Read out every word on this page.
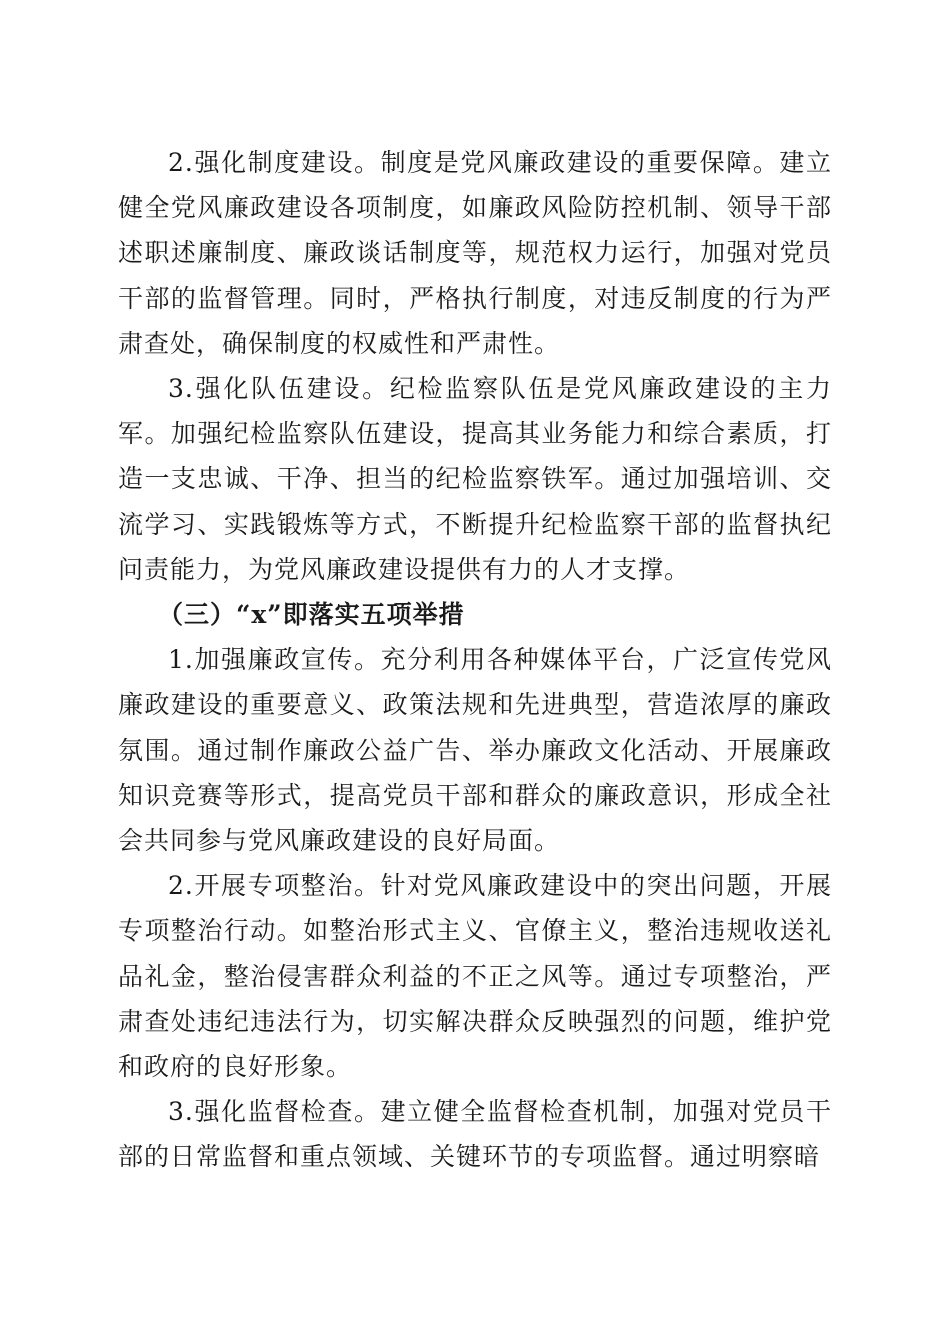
2.强化制度建设。制度是党风廉政建设的重要保障。建立健全党风廉政建设各项制度，如廉政风险防控机制、领导干部述职述廉制度、廉政谈话制度等，规范权力运行，加强对党员干部的监督管理。同时，严格执行制度，对违反制度的行为严肃查处，确保制度的权威性和严肃性。

3.强化队伍建设。纪检监察队伍是党风廉政建设的主力军。加强纪检监察队伍建设，提高其业务能力和综合素质，打造一支忠诚、干净、担当的纪检监察铁军。通过加强培训、交流学习、实践锻炼等方式，不断提升纪检监察干部的监督执纪问责能力，为党风廉政建设提供有力的人才支撑。

（三）“x”即落实五项举措

1.加强廉政宣传。充分利用各种媒体平台，广泛宣传党风廉政建设的重要意义、政策法规和先进典型，营造浓厚的廉政氛围。通过制作廉政公益广告、举办廉政文化活动、开展廉政知识竞赛等形式，提高党员干部和群众的廉政意识，形成全社会共同参与党风廉政建设的良好局面。

2.开展专项整治。针对党风廉政建设中的突出问题，开展专项整治行动。如整治形式主义、官僚主义，整治违规收送礼品礼金，整治侵害群众利益的不正之风等。通过专项整治，严肃查处违纪违法行为，切实解决群众反映强烈的问题，维护党和政府的良好形象。

3.强化监督检查。建立健全监督检查机制，加强对党员干部的日常监督和重点领域、关键环节的专项监督。通过明察暗
